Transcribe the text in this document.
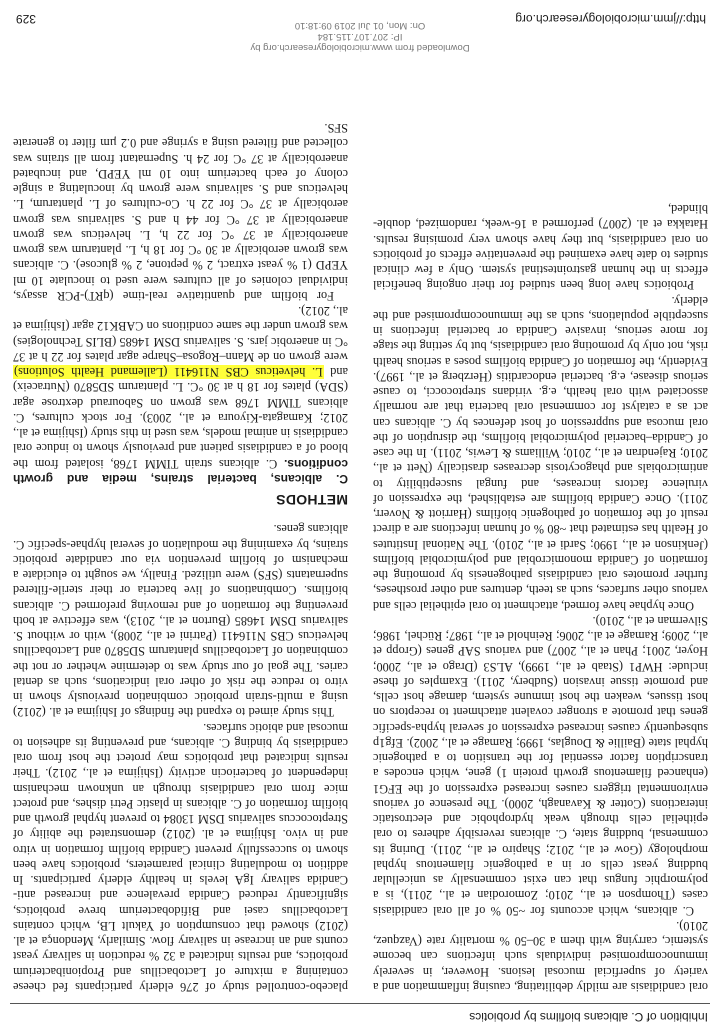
Inhibition of C. albicans biofilms by probiotics

oral candidiasis are mildly debilitating, causing inflammation and a variety of superficial mucosal lesions. However, in severely immunocompromised individuals such infections can become systemic, carrying with them a 30–50 % mortality rate (Vazquez, 2010).

C. albicans, which accounts for ~50 % of all oral candidiasis cases (Thompson et al., 2010; Zomorodian et al., 2011), is a polymorphic fungus that can exist commensally as unicellular budding yeast cells or in a pathogenic filamentous hyphal morphology (Gow et al., 2012; Shapiro et al., 2011). During its commensal, budding state, C. albicans reversibly adheres to oral epithelial cells through weak hydrophobic and electrostatic interactions (Cotter & Kavanagh, 2000). The presence of various environmental triggers causes increased expression of the EFG1 (enhanced filamentous growth protein 1) gene, which encodes a transcription factor essential for the transition to a pathogenic hyphal state (Baillie & Douglas, 1999; Ramage et al., 2002). Efg1p subsequently causes increased expression of several hypha-specific genes that promote a stronger covalent attachment to receptors on host tissues, weaken the host immune system, damage host cells, and promote tissue invasion (Sudbery, 2011). Examples of these include: HWP1 (Staab et al., 1999), ALS3 (Drago et al., 2000; Hoyer, 2001; Phan et al., 2007) and various SAP genes (Gropp et al., 2009; Ramage et al., 2006; Reinhold et al., 1987; Rüchel, 1986; Silverman et al., 2010).

Once hyphae have formed, attachment to oral epithelial cells and various other surfaces, such as teeth, dentures and other prostheses, further promotes oral candidiasis pathogenesis by promoting the formation of Candida monomicrobial and polymicrobial biofilms (Jenkinson et al., 1990; Sardi et al., 2010). The National Institutes of Health has estimated that ~80 % of human infections are a direct result of the formation of pathogenic biofilms (Harriott & Noverr, 2011). Once Candida biofilms are established, the expression of virulence factors increases, and fungal susceptibility to antimicrobials and phagocytosis decreases drastically (Nett et al., 2010; Rajendran et al., 2010; Williams & Lewis, 2011). In the case of Candida–bacterial polymicrobial biofilms, the disruption of the oral mucosa and suppression of host defences by C. albicans can act as a catalyst for commensal oral bacteria that are normally associated with oral health, e.g. viridans streptococci, to cause serious disease, e.g. bacterial endocarditis (Herzberg et al., 1997). Evidently, the formation of Candida biofilms poses a serious health risk, not only by promoting oral candidiasis, but by setting the stage for more serious, invasive Candida or bacterial infections in susceptible populations, such as the immunocompromised and the elderly.

Probiotics have long been studied for their ongoing beneficial effects in the human gastrointestinal system. Only a few clinical studies to date have examined the preventative effects of probiotics on oral candidiasis, but they have shown very promising results. Hatakka et al. (2007) performed a 16-week, randomized, double-blinded,

placebo-controlled study of 276 elderly participants fed cheese containing a mixture of Lactobacillus and Propionibacterium probiotics, and results indicated a 32 % reduction in salivary yeast counts and an increase in salivary flow. Similarly, Mendonça et al. (2012) showed that consumption of Yakult LB, which contains Lactobacillus casei and Bifidobacterium breve probiotics, significantly reduced Candida prevalence and increased anti-Candida salivary IgA levels in healthy elderly participants. In addition to modulating clinical parameters, probiotics have been shown to successfully prevent Candida biofilm formation in vitro and in vivo. Ishijima et al. (2012) demonstrated the ability of Streptococcus salivarius DSM 13084 to prevent hyphal growth and biofilm formation of C. albicans in plastic Petri dishes, and protect mice from oral candidiasis through an unknown mechanism independent of bacteriocin activity (Ishijima et al., 2012). Their results indicated that probiotics may protect the host from oral candidiasis by binding C. albicans, and preventing its adhesion to mucosal and abiotic surfaces.

This study aimed to expand the findings of Ishijima et al. (2012) using a multi-strain probiotic combination previously shown in vitro to reduce the risk of other oral indications, such as dental caries. The goal of our study was to determine whether or not the combination of Lactobacillus plantarum SD5870 and Lactobacillus helveticus CBS N116411 (Patrini et al., 2008), with or without S. salivarius DSM 14685 (Burton et al., 2013), was effective at both preventing the formation of and removing preformed C. albicans biofilms. Combinations of live bacteria or their sterile-filtered supernatants (SFS) were utilized. Finally, we sought to elucidate a mechanism of biofilm prevention via our candidate probiotic strains, by examining the modulation of several hyphae-specific C. albicans genes.

METHODS

C. albicans, bacterial strains, media and growth conditions. C. albicans strain TIMM 1768, isolated from the blood of a candidiasis patient and previously shown to induce oral candidiasis in animal models, was used in this study (Ishijima et al., 2012; Kamagata-Kiyoura et al., 2003). For stock cultures, C. albicans TIMM 1768 was grown on Sabouraud dextrose agar (SDA) plates for 18 h at 30 °C. L. plantarum SD5870 (Nutraceix) and L. helveticus CBS N116411 (Lallemand Health Solutions) were grown on de Mann–Rogosa–Sharpe agar plates for 22 h at 37 °C in anaerobic jars. S. salivarius DSM 14685 (BLIS Technologies) was grown under the same conditions on CABK12 agar (Ishijima et al., 2012).

For biofilm and quantitative real-time (qRT)-PCR assays, individual colonies of all cultures were used to inoculate 10 ml YEPD (1 % yeast extract, 2 % peptone, 2 % glucose). C. albicans was grown aerobically at 30 °C for 18 h, L. plantarum was grown anaerobically at 37 °C for 22 h, L. helveticus was grown anaerobically at 37 °C for 44 h and S. salivarius was grown aerobically at 37 °C for 22 h. Co-cultures of L. plantarum, L. helveticus and S. salivarius were grown by inoculating a single colony of each bacterium into 10 ml YEPD, and incubated anaerobically at 37 °C for 24 h. Supernatant from all strains was collected and filtered using a syringe and 0.2 µm filter to generate SFS.

Downloaded from www.microbiologyresearch.org by
IP: 207.107.115.184
On: Mon, 01 Jul 2019 09:18:10	http://jmm.microbiologyresearch.org
329
